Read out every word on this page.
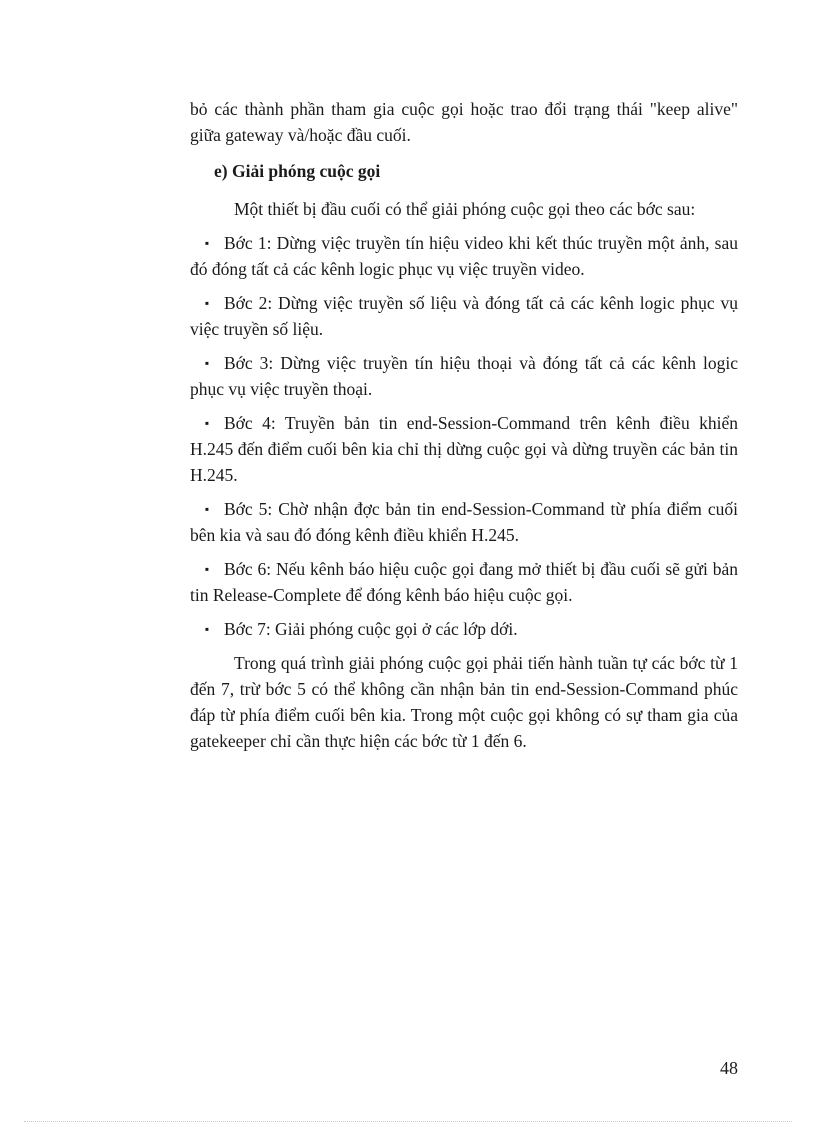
bỏ các thành phần tham gia cuộc gọi hoặc trao đổi trạng thái "keep alive" giữa gateway và/hoặc đầu cuối.

e) Giải phóng cuộc gọi

Một thiết bị đầu cuối có thể giải phóng cuộc gọi theo các bớc sau:

▪ Bớc 1: Dừng việc truyền tín hiệu video khi kết thúc truyền một ảnh, sau đó đóng tất cả các kênh logic phục vụ việc truyền video.

▪ Bớc 2: Dừng việc truyền số liệu và đóng tất cả các kênh logic phục vụ việc truyền số liệu.

▪ Bớc 3: Dừng việc truyền tín hiệu thoại và đóng tất cả các kênh logic phục vụ việc truyền thoại.

▪ Bớc 4: Truyền bản tin end-Session-Command trên kênh điều khiển H.245 đến điểm cuối bên kia chỉ thị dừng cuộc gọi và dừng truyền các bản tin H.245.

▪ Bớc 5: Chờ nhận đợc bản tin end-Session-Command từ phía điểm cuối bên kia và sau đó đóng kênh điều khiển H.245.

▪ Bớc 6: Nếu kênh báo hiệu cuộc gọi đang mở thiết bị đầu cuối sẽ gửi bản tin Release-Complete để đóng kênh báo hiệu cuộc gọi.

▪ Bớc 7: Giải phóng cuộc gọi ở các lớp dới.

Trong quá trình giải phóng cuộc gọi phải tiến hành tuần tự các bớc từ 1 đến 7, trừ bớc 5 có thể không cần nhận bản tin end-Session-Command phúc đáp từ phía điểm cuối bên kia. Trong một cuộc gọi không có sự tham gia của gatekeeper chỉ cần thực hiện các bớc từ 1 đến 6.

48
